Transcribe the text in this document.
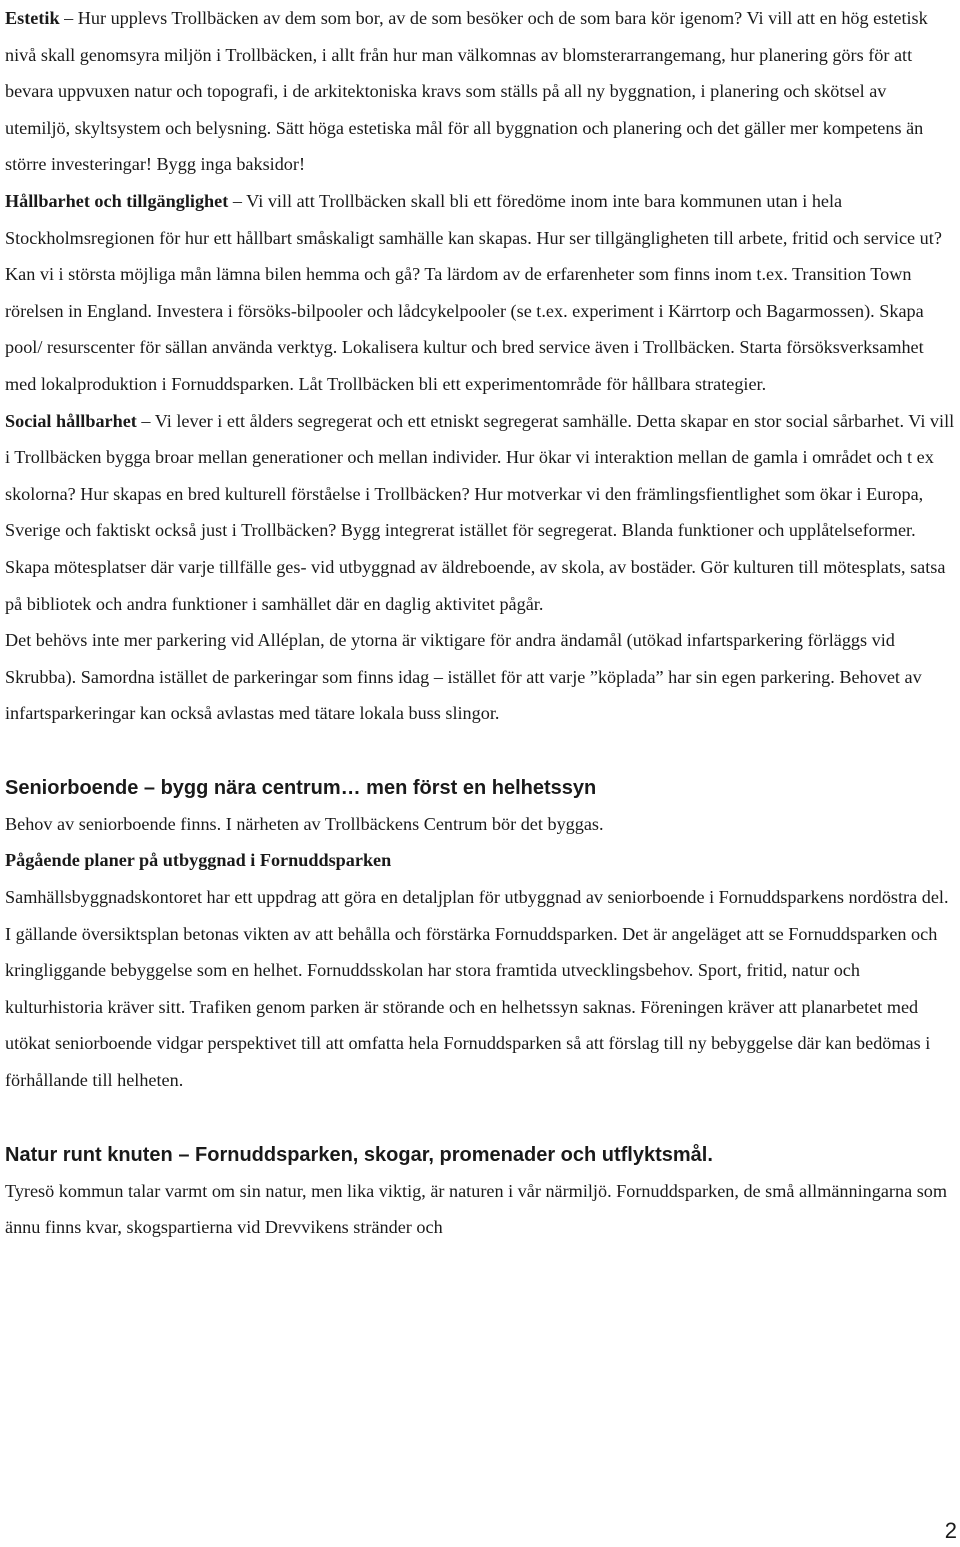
Estetik – Hur upplevs Trollbäcken av dem som bor, av de som besöker och de som bara kör igenom? Vi vill att en hög estetisk nivå skall genomsyra miljön i Trollbäcken, i allt från hur man välkomnas av blomsterarrangemang, hur planering görs för att bevara uppvuxen natur och topografi, i de arkitektoniska kravs som ställs på all ny byggnation, i planering och skötsel av utemiljö, skyltsystem och belysning. Sätt höga estetiska mål för all byggnation och planering och det gäller mer kompetens än större investeringar! Bygg inga baksidor!

Hållbarhet och tillgänglighet – Vi vill att Trollbäcken skall bli ett föredöme inom inte bara kommunen utan i hela Stockholmsregionen för hur ett hållbart småskaligt samhälle kan skapas. Hur ser tillgängligheten till arbete, fritid och service ut? Kan vi i största möjliga mån lämna bilen hemma och gå? Ta lärdom av de erfarenheter som finns inom t.ex. Transition Town rörelsen in England. Investera i försöks-bilpooler och lådcykelpooler (se t.ex. experiment i Kärrtorp och Bagarmossen). Skapa pool/ resurscenter för sällan använda verktyg. Lokalisera kultur och bred service även i Trollbäcken. Starta försöksverksamhet med lokalproduktion i Fornuddsparken. Låt Trollbäcken bli ett experimentområde för hållbara strategier.

Social hållbarhet – Vi lever i ett ålders segregerat och ett etniskt segregerat samhälle. Detta skapar en stor social sårbarhet. Vi vill i Trollbäcken bygga broar mellan generationer och mellan individer. Hur ökar vi interaktion mellan de gamla i området och t ex skolorna? Hur skapas en bred kulturell förståelse i Trollbäcken? Hur motverkar vi den främlingsfientlighet som ökar i Europa, Sverige och faktiskt också just i Trollbäcken? Bygg integrerat istället för segregerat. Blanda funktioner och upplåtelseformer. Skapa mötesplatser där varje tillfälle ges- vid utbyggnad av äldreboende, av skola, av bostäder. Gör kulturen till mötesplats, satsa på bibliotek och andra funktioner i samhället där en daglig aktivitet pågår.

Det behövs inte mer parkering vid Alléplan, de ytorna är viktigare för andra ändamål (utökad infartsparkering förläggs vid Skrubba). Samordna istället de parkeringar som finns idag – istället för att varje ”köplada” har sin egen parkering. Behovet av infartsparkeringar kan också avlastas med tätare lokala buss slingor.

Seniorboende – bygg nära centrum… men först en helhetssyn

Behov av seniorboende finns. I närheten av Trollbäckens Centrum bör det byggas.

Pågående planer på utbyggnad i Fornuddsparken

Samhällsbyggnadskontoret har ett uppdrag att göra en detaljplan för utbyggnad av seniorboende i Fornuddsparkens nordöstra del. I gällande översiktsplan betonas vikten av att behålla och förstärka Fornuddsparken. Det är angeläget att se Fornuddsparken och kringliggande bebyggelse som en helhet. Fornuddsskolan har stora framtida utvecklingsbehov. Sport, fritid, natur och kulturhistoria kräver sitt. Trafiken genom parken är störande och en helhetssyn saknas. Föreningen kräver att planarbetet med utökat seniorboende vidgar perspektivet till att omfatta hela Fornuddsparken så att förslag till ny bebyggelse där kan bedömas i förhållande till helheten.

Natur runt knuten – Fornuddsparken, skogar, promenader och utflyktsmål.

Tyresö kommun talar varmt om sin natur, men lika viktig, är naturen i vår närmiljö. Fornuddsparken, de små allmänningarna som ännu finns kvar, skogspartierna vid Drevvikens stränder och

2
